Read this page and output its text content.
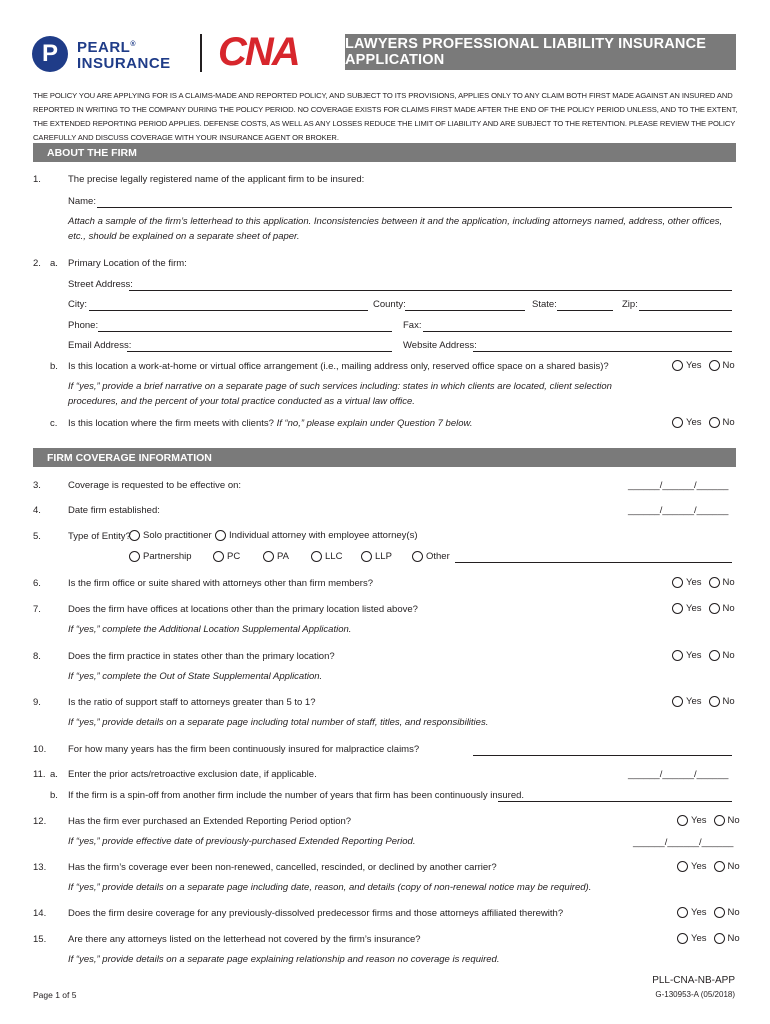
P PEARL®
INSURANCE CNA	LAWYERS PROFESSIONAL LIABILITY INSURANCE APPLICATION
THE POLICY YOU ARE APPLYING FOR IS A CLAIMS-MADE AND REPORTED POLICY, AND SUBJECT TO ITS PROVISIONS, APPLIES ONLY TO ANY CLAIM BOTH FIRST MADE AGAINST AN INSURED AND REPORTED IN WRITING TO THE COMPANY DURING THE POLICY PERIOD. NO COVERAGE EXISTS FOR CLAIMS FIRST MADE AFTER THE END OF THE POLICY PERIOD UNLESS, AND TO THE EXTENT, THE EXTENDED REPORTING PERIOD APPLIES. DEFENSE COSTS, AS WELL AS ANY LOSSES REDUCE THE LIMIT OF LIABILITY AND ARE SUBJECT TO THE RETENTION. PLEASE REVIEW THE POLICY CAREFULLY AND DISCUSS COVERAGE WITH YOUR INSURANCE AGENT OR BROKER.
ABOUT THE FIRM
1.	The precise legally registered name of the applicant firm to be insured:
Name:
Attach a sample of the firm’s letterhead to this application. Inconsistencies between it and the application, including attorneys named, address, other offices, etc., should be explained on a separate sheet of paper.
2. a. Primary Location of the firm:
Street Address:
City:	County:	State:	Zip:
Phone:	Fax:
Email Address:	Website Address:
b. Is this location a work-at-home or virtual office arrangement (i.e., mailing address only, reserved office space on a shared basis)?	Yes No
If “yes,” provide a brief narrative on a separate page of such services including: states in which clients are located, client selection procedures, and the percent of your total practice conducted as a virtual law office.
c. Is this location where the firm meets with clients? If “no,” please explain under Question 7 below.	Yes No
FIRM COVERAGE INFORMATION
3.	Coverage is requested to be effective on:	______/______/______
4.	Date firm established:	______/______/______
5.	Type of Entity? Solo practitioner Individual attorney with employee attorney(s)
Partnership	PC	PA	LLC	LLP	Other
6.	Is the firm office or suite shared with attorneys other than firm members?	Yes No
7.	Does the firm have offices at locations other than the primary location listed above?	Yes No
If “yes,” complete the Additional Location Supplemental Application.
8.	Does the firm practice in states other than the primary location?	Yes No
If “yes,” complete the Out of State Supplemental Application.
9.	Is the ratio of support staff to attorneys greater than 5 to 1?	Yes No
If “yes,” provide details on a separate page including total number of staff, titles, and responsibilities.
10. For how many years has the firm been continuously insured for malpractice claims?
11. a. Enter the prior acts/retroactive exclusion date, if applicable.	______/______/______
b. If the firm is a spin-off from another firm include the number of years that firm has been continuously insured.
12. Has the firm ever purchased an Extended Reporting Period option?	Yes No
If “yes,” provide effective date of previously-purchased Extended Reporting Period.	______/______/______
13. Has the firm’s coverage ever been non-renewed, cancelled, rescinded, or declined by another carrier?	Yes No
If “yes,” provide details on a separate page including date, reason, and details (copy of non-renewal notice may be required).
14. Does the firm desire coverage for any previously-dissolved predecessor firms and those attorneys affiliated therewith?	Yes No
15. Are there any attorneys listed on the letterhead not covered by the firm’s insurance?	Yes No
If “yes,” provide details on a separate page explaining relationship and reason no coverage is required.
Page 1 of 5
PLL-CNA-NB-APP
G-130953-A (05/2018)
